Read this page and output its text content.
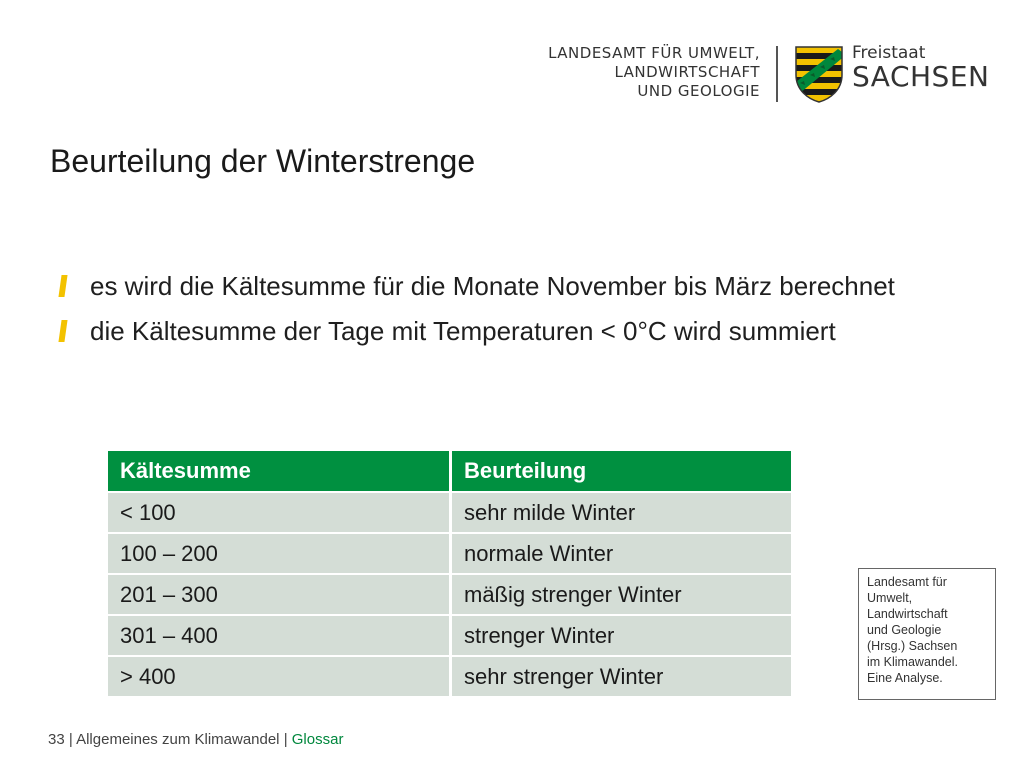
LANDESAMT FÜR UMWELT,
LANDWIRTSCHAFT
UND GEOLOGIE
Freistaat
SACHSEN
Beurteilung der Winterstrenge
es wird die Kältesumme für die Monate November bis März berechnet
die Kältesumme der Tage mit Temperaturen < 0°C wird summiert
Kältesumme	Beurteilung
< 100	sehr milde Winter
100 – 200	normale Winter
201 – 300	mäßig strenger Winter
301 – 400	strenger Winter
> 400	sehr strenger Winter
Landesamt für
Umwelt,
Landwirtschaft
und Geologie
(Hrsg.) Sachsen
im Klimawandel.
Eine Analyse.
33 | Allgemeines zum Klimawandel | Glossar
